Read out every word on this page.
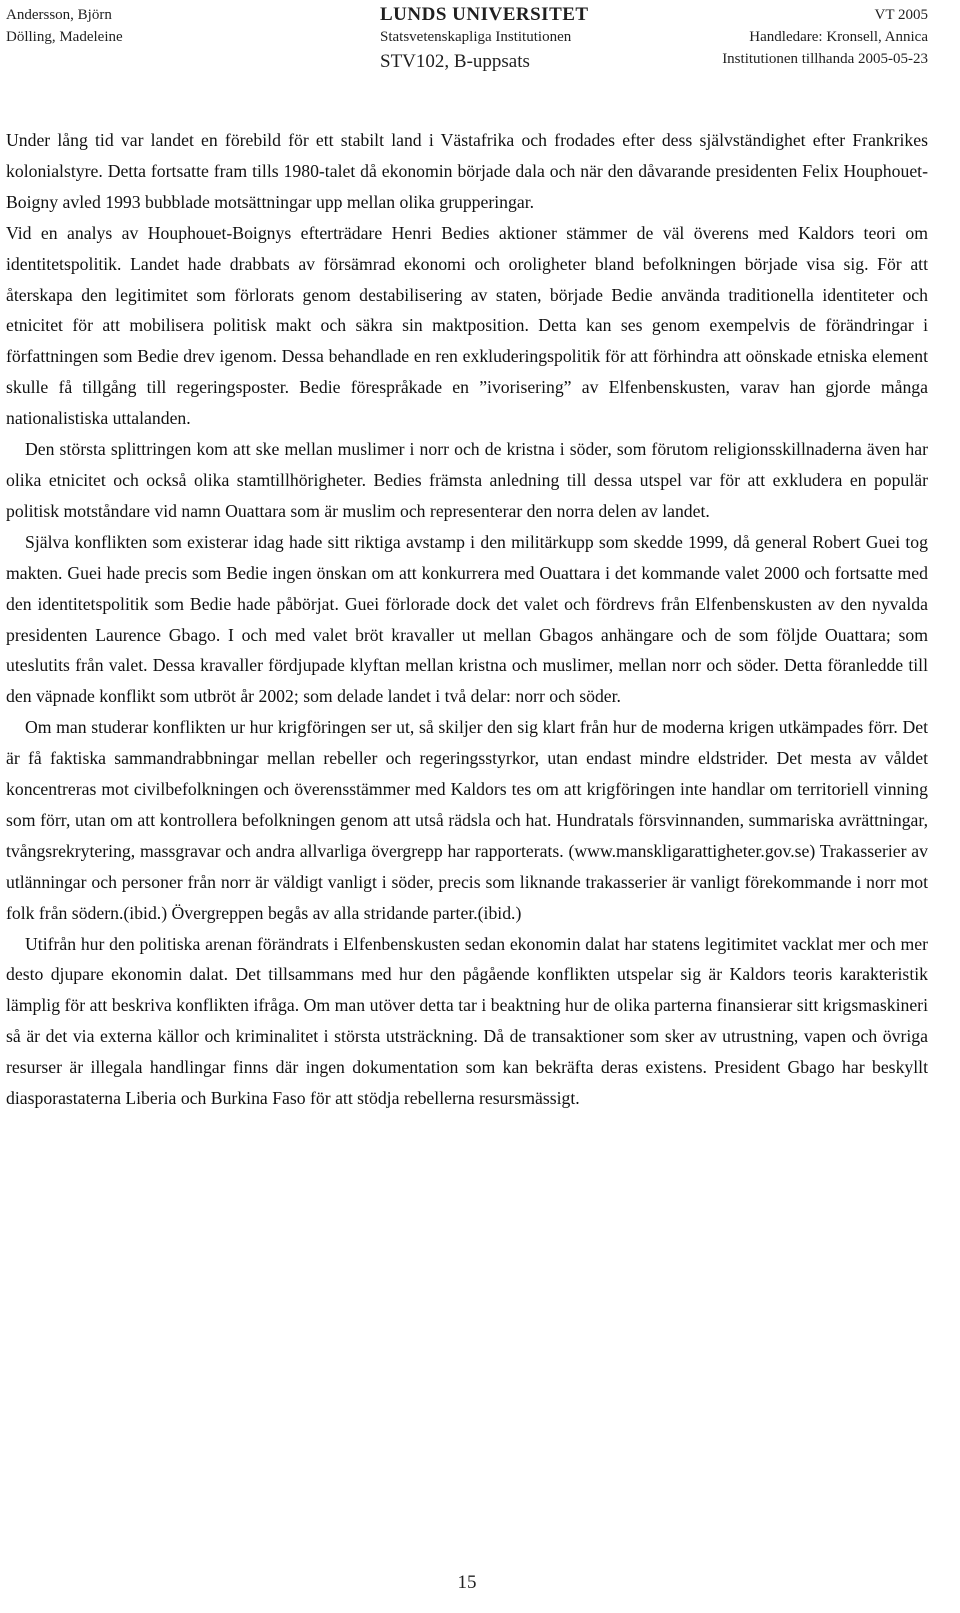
Andersson, Björn
Dölling, Madeleine
LUNDS UNIVERSITET
Statsvetenskapliga Institutionen
STV102, B-uppsats
VT 2005
Handledare: Kronsell, Annica
Institutionen tillhanda 2005-05-23

Under lång tid var landet en förebild för ett stabilt land i Västafrika och frodades efter dess självständighet efter Frankrikes kolonialstyre. Detta fortsatte fram tills 1980-talet då ekonomin började dala och när den dåvarande presidenten Felix Houphouet-Boigny avled 1993 bubblade motsättningar upp mellan olika grupperingar.

Vid en analys av Houphouet-Boignys efterträdare Henri Bedies aktioner stämmer de väl överens med Kaldors teori om identitetspolitik. Landet hade drabbats av försämrad ekonomi och oroligheter bland befolkningen började visa sig. För att återskapa den legitimitet som förlorats genom destabilisering av staten, började Bedie använda traditionella identiteter och etnicitet för att mobilisera politisk makt och säkra sin maktposition. Detta kan ses genom exempelvis de förändringar i författningen som Bedie drev igenom. Dessa behandlade en ren exkluderingspolitik för att förhindra att oönskade etniska element skulle få tillgång till regeringsposter. Bedie förespråkade en ”ivorisering” av Elfenbenskusten, varav han gjorde många nationalistiska uttalanden.

Den största splittringen kom att ske mellan muslimer i norr och de kristna i söder, som förutom religionsskillnaderna även har olika etnicitet och också olika stamtillhörigheter. Bedies främsta anledning till dessa utspel var för att exkludera en populär politisk motståndare vid namn Ouattara som är muslim och representerar den norra delen av landet.

Själva konflikten som existerar idag hade sitt riktiga avstamp i den militärkupp som skedde 1999, då general Robert Guei tog makten. Guei hade precis som Bedie ingen önskan om att konkurrera med Ouattara i det kommande valet 2000 och fortsatte med den identitetspolitik som Bedie hade påbörjat. Guei förlorade dock det valet och fördrevs från Elfenbenskusten av den nyvalda presidenten Laurence Gbago. I och med valet bröt kravaller ut mellan Gbagos anhängare och de som följde Ouattara; som uteslutits från valet. Dessa kravaller fördjupade klyftan mellan kristna och muslimer, mellan norr och söder. Detta föranledde till den väpnade konflikt som utbröt år 2002; som delade landet i två delar: norr och söder.

Om man studerar konflikten ur hur krigföringen ser ut, så skiljer den sig klart från hur de moderna krigen utkämpades förr. Det är få faktiska sammandrabbningar mellan rebeller och regeringsstyrkor, utan endast mindre eldstrider. Det mesta av våldet koncentreras mot civilbefolkningen och överensstämmer med Kaldors tes om att krigföringen inte handlar om territoriell vinning som förr, utan om att kontrollera befolkningen genom att utså rädsla och hat. Hundratals försvinnanden, summariska avrättningar, tvångsrekrytering, massgravar och andra allvarliga övergrepp har rapporterats. (www.manskligarattigheter.gov.se) Trakasserier av utlänningar och personer från norr är väldigt vanligt i söder, precis som liknande trakasserier är vanligt förekommande i norr mot folk från södern.(ibid.) Övergreppen begås av alla stridande parter.(ibid.)

Utifrån hur den politiska arenan förändrats i Elfenbenskusten sedan ekonomin dalat har statens legitimitet vacklat mer och mer desto djupare ekonomin dalat. Det tillsammans med hur den pågående konflikten utspelar sig är Kaldors teoris karakteristik lämplig för att beskriva konflikten ifråga. Om man utöver detta tar i beaktning hur de olika parterna finansierar sitt krigsmaskineri så är det via externa källor och kriminalitet i största utsträckning. Då de transaktioner som sker av utrustning, vapen och övriga resurser är illegala handlingar finns där ingen dokumentation som kan bekräfta deras existens. President Gbago har beskyllt diasporastaterna Liberia och Burkina Faso för att stödja rebellerna resursmässigt.

15
